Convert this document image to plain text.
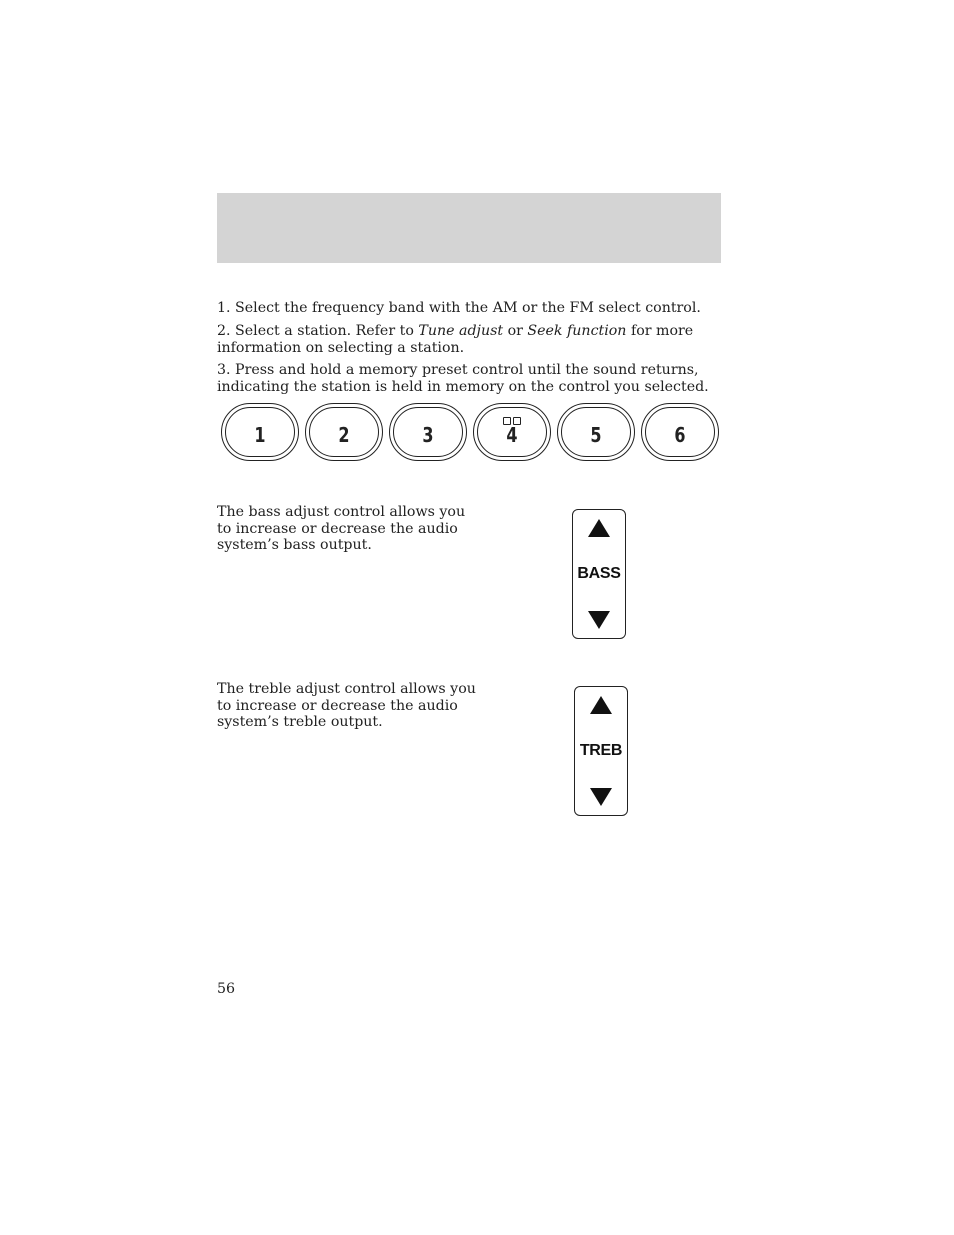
1. Select the frequency band with the AM or the FM select control.

2. Select a station. Refer to Tune adjust or Seek function for more
information on selecting a station.

3. Press and hold a memory preset control until the sound returns,
indicating the station is held in memory on the control you selected.

1	2	3	4	5	6

The bass adjust control allows you
to increase or decrease the audio
system’s bass output.

BASS

The treble adjust control allows you
to increase or decrease the audio
system’s treble output.

TREB
56
